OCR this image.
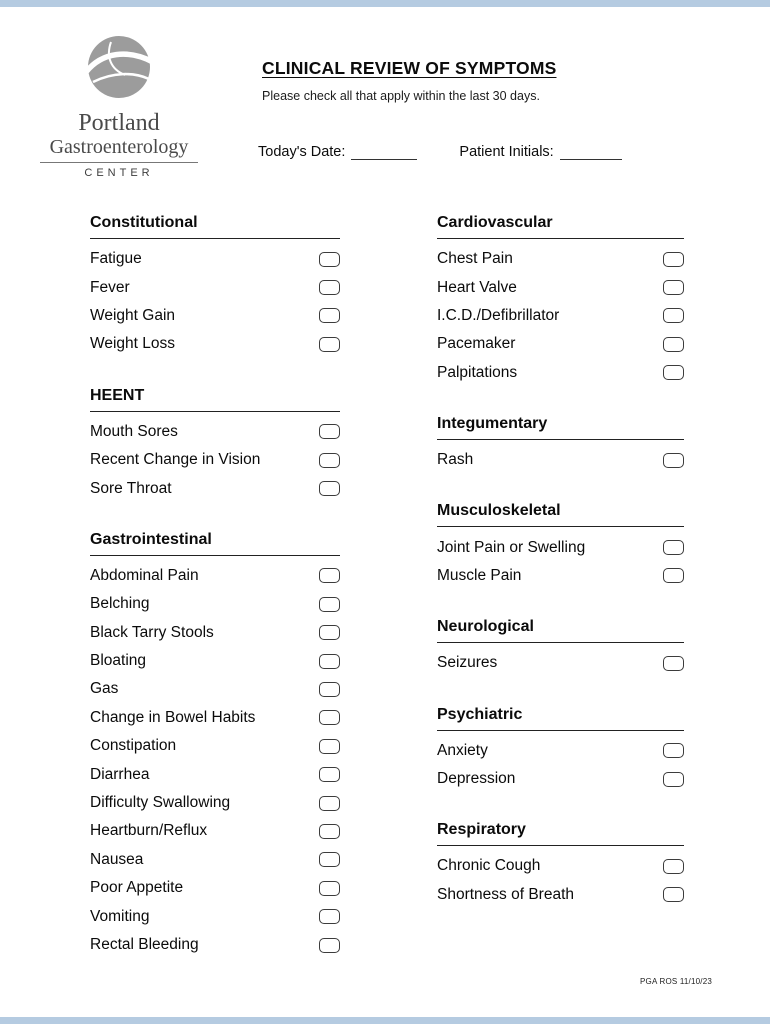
Portland
Gastroenterology
CENTER
CLINICAL REVIEW OF SYMPTOMS
Please check all that apply within the last 30 days.
Today's Date:	Patient Initials:
Constitutional
Fatigue
Fever
Weight Gain
Weight Loss
HEENT
Mouth Sores
Recent Change in Vision
Sore Throat
Gastrointestinal
Abdominal Pain
Belching
Black Tarry Stools
Bloating
Gas
Change in Bowel Habits
Constipation
Diarrhea
Difficulty Swallowing
Heartburn/Reflux
Nausea
Poor Appetite
Vomiting
Rectal Bleeding
Cardiovascular
Chest Pain
Heart Valve
I.C.D./Defibrillator
Pacemaker
Palpitations
Integumentary
Rash
Musculoskeletal
Joint Pain or Swelling
Muscle Pain
Neurological
Seizures
Psychiatric
Anxiety
Depression
Respiratory
Chronic Cough
Shortness of Breath
PGA ROS 11/10/23
